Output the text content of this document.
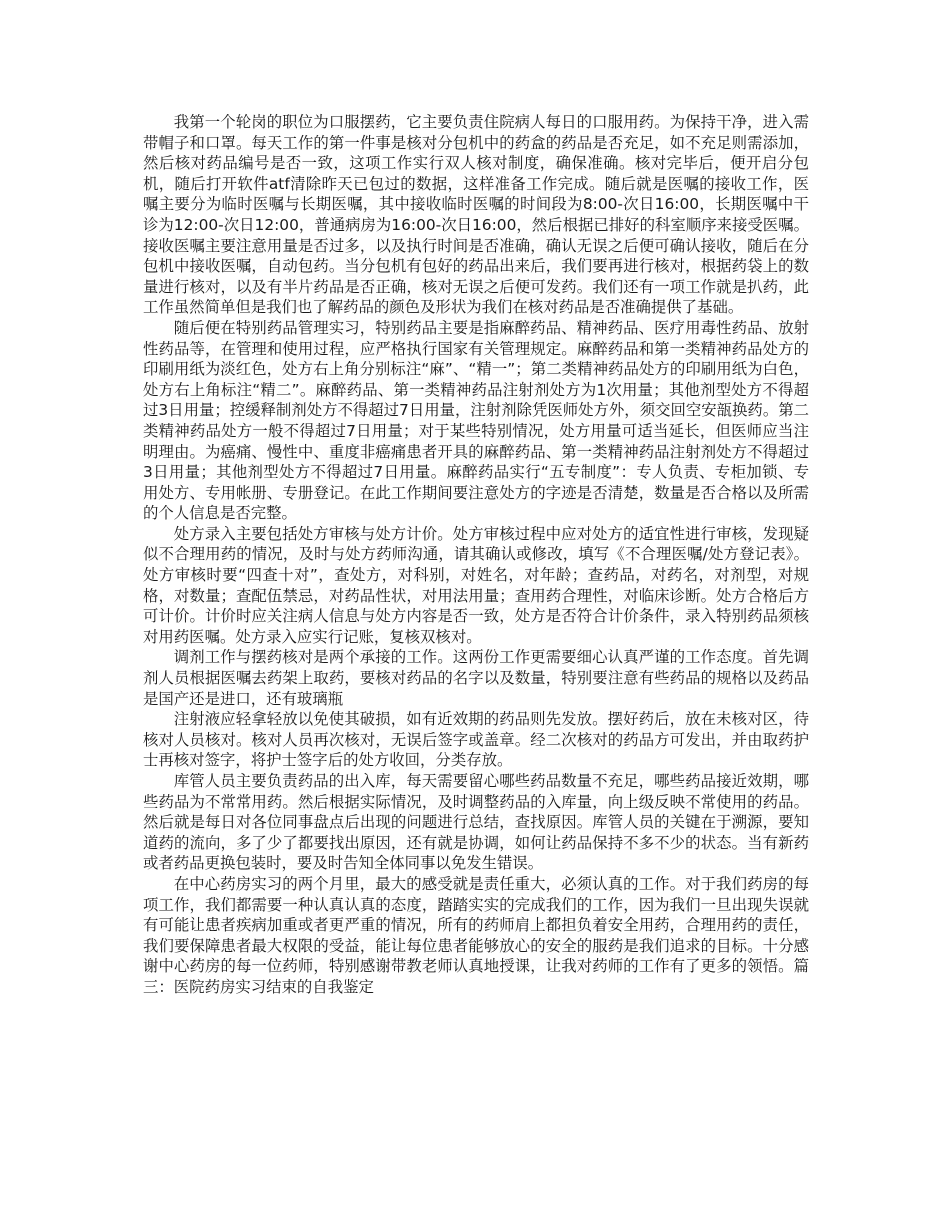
我第一个轮岗的职位为口服摆药，它主要负责住院病人每日的口服用药。为保持干净，进入需带帽子和口罩。每天工作的第一件事是核对分包机中的药盒的药品是否充足，如不充足则需添加，然后核对药品编号是否一致，这项工作实行双人核对制度，确保准确。核对完毕后，便开启分包机，随后打开软件atf清除昨天已包过的数据，这样准备工作完成。随后就是医嘱的接收工作，医嘱主要分为临时医嘱与长期医嘱，其中接收临时医嘱的时间段为8:00-次日16:00，长期医嘱中干诊为12:00-次日12:00，普通病房为16:00-次日16:00，然后根据已排好的科室顺序来接受医嘱。接收医嘱主要注意用量是否过多，以及执行时间是否准确，确认无误之后便可确认接收，随后在分包机中接收医嘱，自动包药。当分包机有包好的药品出来后，我们要再进行核对，根据药袋上的数量进行核对，以及有半片药品是否正确，核对无误之后便可发药。我们还有一项工作就是扒药，此工作虽然简单但是我们也了解药品的颜色及形状为我们在核对药品是否准确提供了基础。

随后便在特别药品管理实习，特别药品主要是指麻醉药品、精神药品、医疗用毒性药品、放射性药品等，在管理和使用过程，应严格执行国家有关管理规定。麻醉药品和第一类精神药品处方的印刷用纸为淡红色，处方右上角分别标注“麻”、“精一”；第二类精神药品处方的印刷用纸为白色，处方右上角标注“精二”。麻醉药品、第一类精神药品注射剂处方为1次用量；其他剂型处方不得超过3日用量；控缓释制剂处方不得超过7日用量，注射剂除凭医师处方外，须交回空安瓿换药。第二类精神药品处方一般不得超过7日用量；对于某些特别情况，处方用量可适当延长，但医师应当注明理由。为癌痛、慢性中、重度非癌痛患者开具的麻醉药品、第一类精神药品注射剂处方不得超过3日用量；其他剂型处方不得超过7日用量。麻醉药品实行“五专制度”：专人负责、专柜加锁、专用处方、专用帐册、专册登记。在此工作期间要注意处方的字迹是否清楚，数量是否合格以及所需的个人信息是否完整。

处方录入主要包括处方审核与处方计价。处方审核过程中应对处方的适宜性进行审核，发现疑似不合理用药的情况，及时与处方药师沟通，请其确认或修改，填写《不合理医嘱/处方登记表》。处方审核时要“四查十对”，查处方，对科别，对姓名，对年龄；查药品，对药名，对剂型，对规格，对数量；查配伍禁忌，对药品性状，对用法用量；查用药合理性，对临床诊断。处方合格后方可计价。计价时应关注病人信息与处方内容是否一致，处方是否符合计价条件，录入特别药品须核对用药医嘱。处方录入应实行记账，复核双核对。

调剂工作与摆药核对是两个承接的工作。这两份工作更需要细心认真严谨的工作态度。首先调剂人员根据医嘱去药架上取药，要核对药品的名字以及数量，特别要注意有些药品的规格以及药品是国产还是进口，还有玻璃瓶

注射液应轻拿轻放以免使其破损，如有近效期的药品则先发放。摆好药后，放在未核对区，待核对人员核对。核对人员再次核对，无误后签字或盖章。经二次核对的药品方可发出，并由取药护士再核对签字，将护士签字后的处方收回，分类存放。

库管人员主要负责药品的出入库，每天需要留心哪些药品数量不充足，哪些药品接近效期，哪些药品为不常常用药。然后根据实际情况，及时调整药品的入库量，向上级反映不常使用的药品。然后就是每日对各位同事盘点后出现的问题进行总结，查找原因。库管人员的关键在于溯源，要知道药的流向，多了少了都要找出原因，还有就是协调，如何让药品保持不多不少的状态。当有新药或者药品更换包装时，要及时告知全体同事以免发生错误。

在中心药房实习的两个月里，最大的感受就是责任重大，必须认真的工作。对于我们药房的每项工作，我们都需要一种认真认真的态度，踏踏实实的完成我们的工作，因为我们一旦出现失误就有可能让患者疾病加重或者更严重的情况，所有的药师肩上都担负着安全用药，合理用药的责任，我们要保障患者最大权限的受益，能让每位患者能够放心的安全的服药是我们追求的目标。十分感谢中心药房的每一位药师，特别感谢带教老师认真地授课，让我对药师的工作有了更多的领悟。篇三：医院药房实习结束的自我鉴定
